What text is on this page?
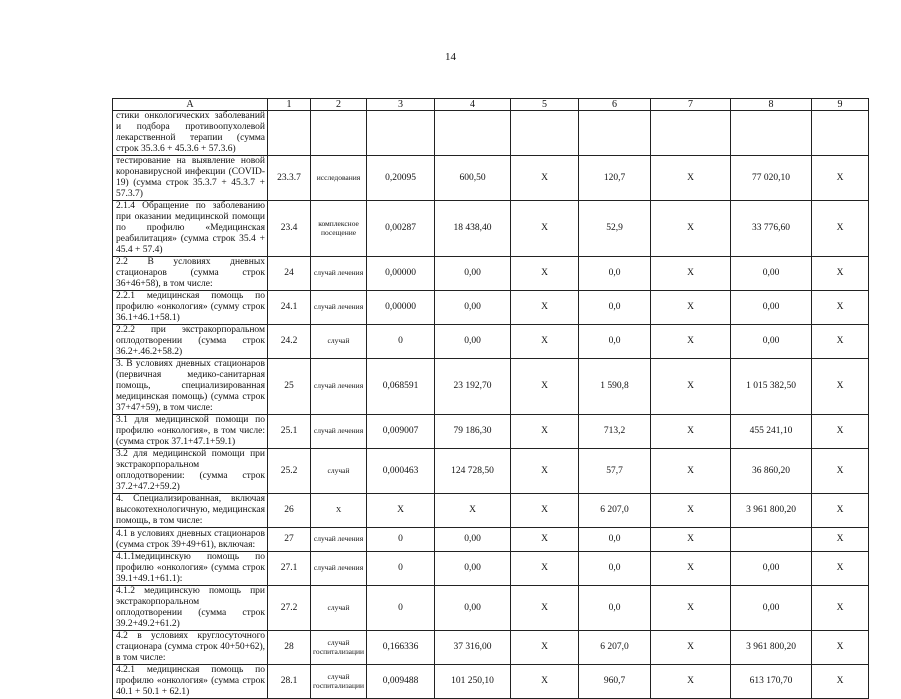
14
А	1	2	3	4	5	6	7	8	9
стики онкологических заболеваний и подбора противоопухолевой лекарственной терапии (сумма строк 35.3.6 + 45.3.6 + 57.3.6)									
тестирование на выявление новой коронавирусной инфекции (COVID-19) (сумма строк 35.3.7 + 45.3.7 + 57.3.7)	23.3.7	исследования	0,20095	600,50	Х	120,7	Х	77 020,10	Х
2.1.4 Обращение по заболеванию при оказании медицинской помощи по профилю «Медицинская реабилитация» (сумма строк 35.4 + 45.4 + 57.4)	23.4	комплексное посещение	0,00287	18 438,40	Х	52,9	Х	33 776,60	Х
2.2 В условиях дневных стационаров (сумма строк 36+46+58), в том числе:	24	случай лечения	0,00000	0,00	Х	0,0	Х	0,00	Х
2.2.1 медицинская помощь по профилю «онкология» (сумму строк 36.1+46.1+58.1)	24.1	случай лечения	0,00000	0,00	Х	0,0	Х	0,00	Х
2.2.2 при экстракорпоральном оплодотворении (сумма строк 36.2+.46.2+58.2)	24.2	случай	0	0,00	Х	0,0	Х	0,00	Х
3. В условиях дневных стационаров (первичная медико-санитарная помощь, специализированная медицинская помощь) (сумма строк 37+47+59), в том числе:	25	случай лечения	0,068591	23 192,70	Х	1 590,8	Х	1 015 382,50	Х
3.1 для медицинской помощи по профилю «онкология», в том числе: (сумма строк 37.1+47.1+59.1)	25.1	случай лечения	0,009007	79 186,30	Х	713,2	Х	455 241,10	Х
3.2 для медицинской помощи при экстракорпоральном оплодотворении: (сумма строк 37.2+47.2+59.2)	25.2	случай	0,000463	124 728,50	Х	57,7	Х	36 860,20	Х
4. Специализированная, включая высокотехнологичную, медицинская помощь, в том числе:	26	Х	Х	Х	Х	6 207,0	Х	3 961 800,20	Х
4.1 в условиях дневных стационаров (сумма строк 39+49+61), включая:	27	случай лечения	0	0,00	Х	0,0	Х		Х
4.1.1медицинскую помощь по профилю «онкология» (сумма строк 39.1+49.1+61.1):	27.1	случай лечения	0	0,00	Х	0,0	Х	0,00	Х
4.1.2 медицинскую помощь при экстракорпоральном оплодотворении (сумма строк 39.2+49.2+61.2)	27.2	случай	0	0,00	Х	0,0	Х	0,00	Х
4.2 в условиях круглосуточного стационара (сумма строк 40+50+62), в том числе:	28	случай госпитализации	0,166336	37 316,00	Х	6 207,0	Х	3 961 800,20	Х
4.2.1 медицинская помощь по профилю «онкология» (сумма строк 40.1 + 50.1 + 62.1)	28.1	случай госпитализации	0,009488	101 250,10	Х	960,7	Х	613 170,70	Х
